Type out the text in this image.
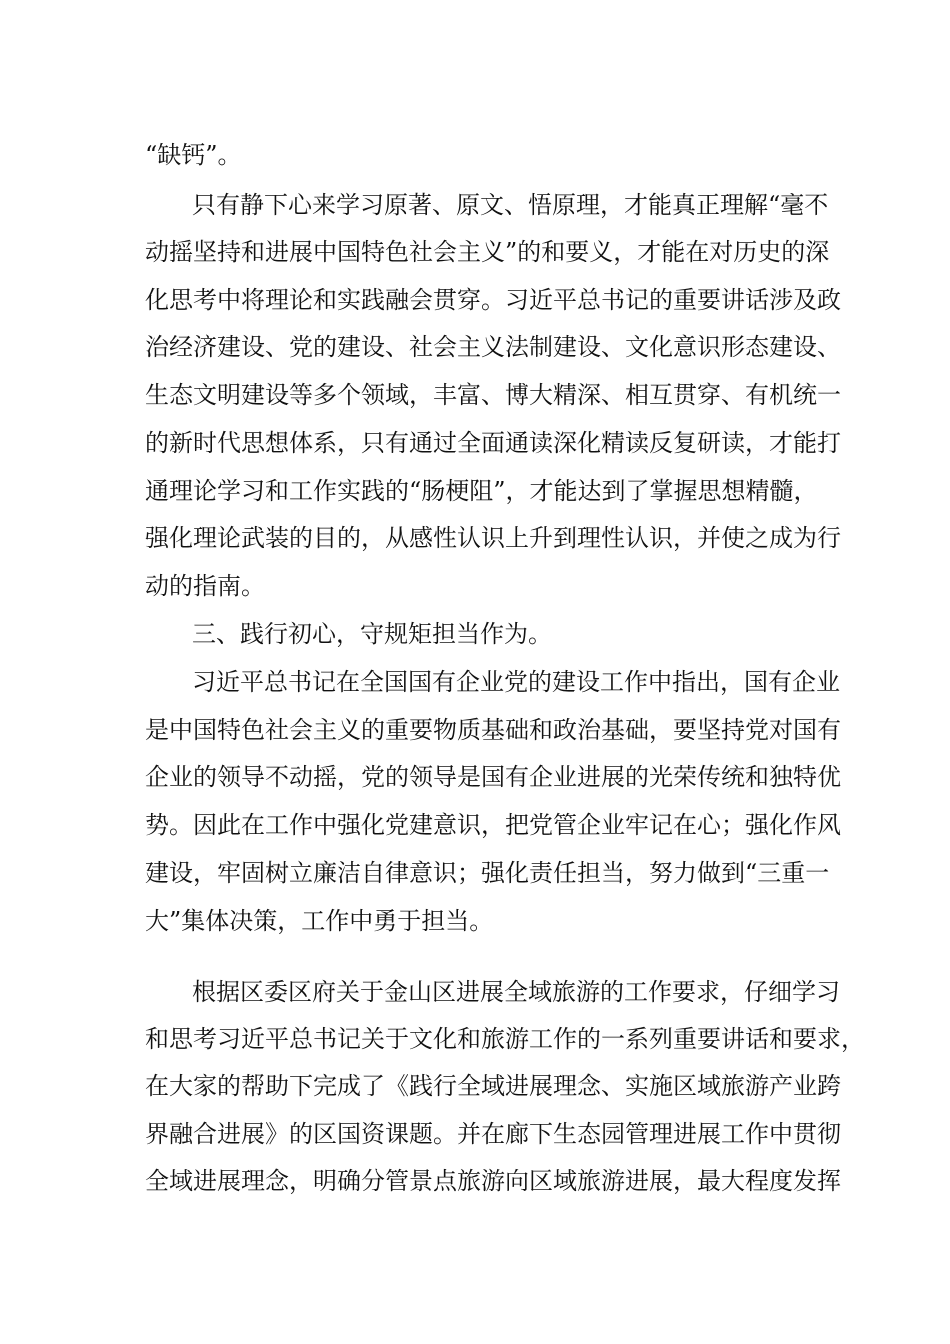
“缺钙”。
只有静下心来学习原著、原文、悟原理，才能真正理解“毫不
动摇坚持和进展中国特色社会主义”的和要义，才能在对历史的深
化思考中将理论和实践融会贯穿。习近平总书记的重要讲话涉及政
治经济建设、党的建设、社会主义法制建设、文化意识形态建设、
生态文明建设等多个领域，丰富、博大精深、相互贯穿、有机统一
的新时代思想体系，只有通过全面通读深化精读反复研读，才能打
通理论学习和工作实践的“肠梗阻”，才能达到了掌握思想精髓，
强化理论武装的目的，从感性认识上升到理性认识，并使之成为行
动的指南。
三、践行初心，守规矩担当作为。
习近平总书记在全国国有企业党的建设工作中指出，国有企业
是中国特色社会主义的重要物质基础和政治基础，要坚持党对国有
企业的领导不动摇，党的领导是国有企业进展的光荣传统和独特优
势。因此在工作中强化党建意识，把党管企业牢记在心；强化作风
建设，牢固树立廉洁自律意识；强化责任担当，努力做到“三重一
大”集体决策，工作中勇于担当。
根据区委区府关于金山区进展全域旅游的工作要求，仔细学习
和思考习近平总书记关于文化和旅游工作的一系列重要讲话和要求，
在大家的帮助下完成了《践行全域进展理念、实施区域旅游产业跨
界融合进展》的区国资课题。并在廊下生态园管理进展工作中贯彻
全域进展理念，明确分管景点旅游向区域旅游进展，最大程度发挥
